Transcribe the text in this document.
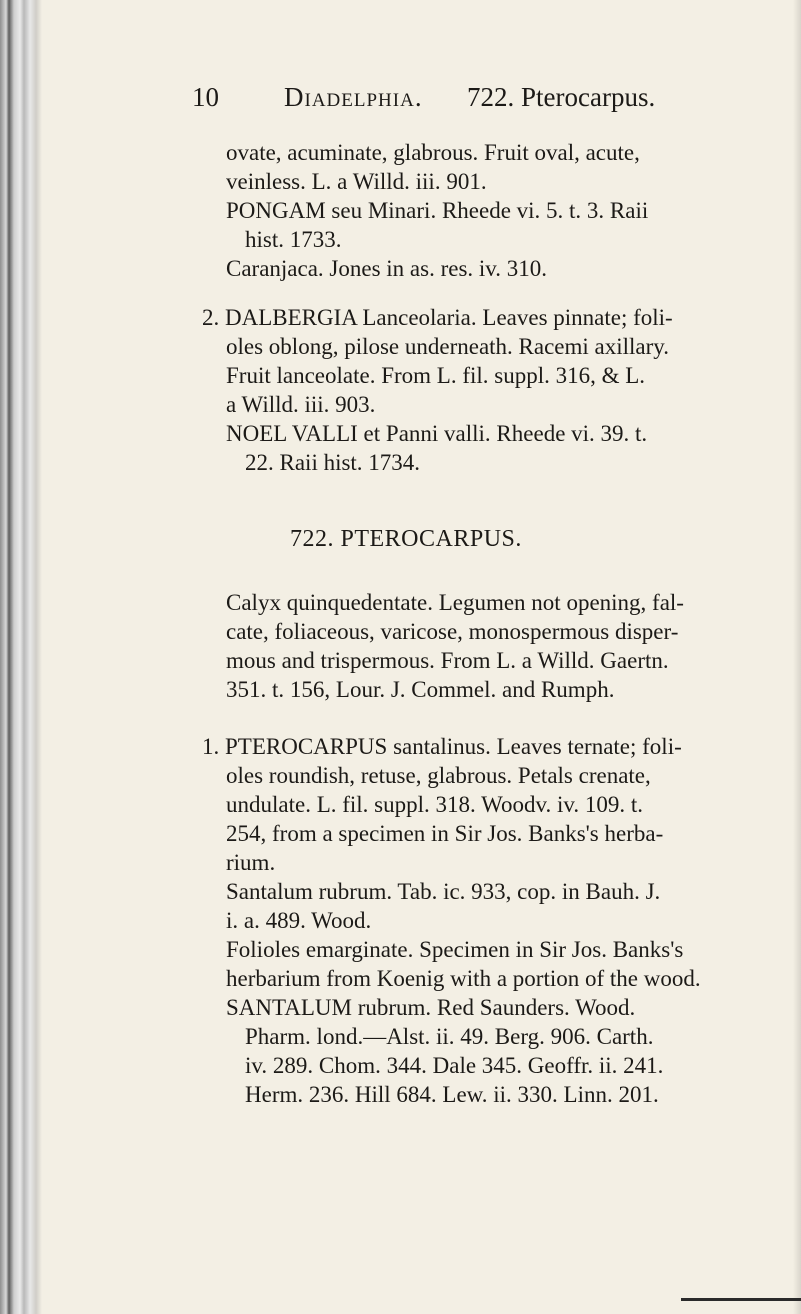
10 Diadelphia. 722. Pterocarpus.
ovate, acuminate, glabrous. Fruit oval, acute,
veinless. L. a Willd. iii. 901.
PONGAM seu Minari. Rheede vi. 5. t. 3. Raii
hist. 1733.
Caranjaca. Jones in as. res. iv. 310.
2. DALBERGIA Lanceolaria. Leaves pinnate; foli-
oles oblong, pilose underneath. Racemi axillary.
Fruit lanceolate. From L. fil. suppl. 316, & L.
a Willd. iii. 903.
NOEL VALLI et Panni valli. Rheede vi. 39. t.
22. Raii hist. 1734.
722. PTEROCARPUS.
Calyx quinquedentate. Legumen not opening, fal-
cate, foliaceous, varicose, monospermous disper-
mous and trispermous. From L. a Willd. Gaertn.
351. t. 156, Lour. J. Commel. and Rumph.
1. PTEROCARPUS santalinus. Leaves ternate; foli-
oles roundish, retuse, glabrous. Petals crenate,
undulate. L. fil. suppl. 318. Woodv. iv. 109. t.
254, from a specimen in Sir Jos. Banks's herba-
rium.
Santalum rubrum. Tab. ic. 933, cop. in Bauh. J.
i. a. 489. Wood.
Folioles emarginate. Specimen in Sir Jos. Banks's
herbarium from Koenig with a portion of the wood.
SANTALUM rubrum. Red Saunders. Wood.
Pharm. lond.—Alst. ii. 49. Berg. 906. Carth.
iv. 289. Chom. 344. Dale 345. Geoffr. ii. 241.
Herm. 236. Hill 684. Lew. ii. 330. Linn. 201.
